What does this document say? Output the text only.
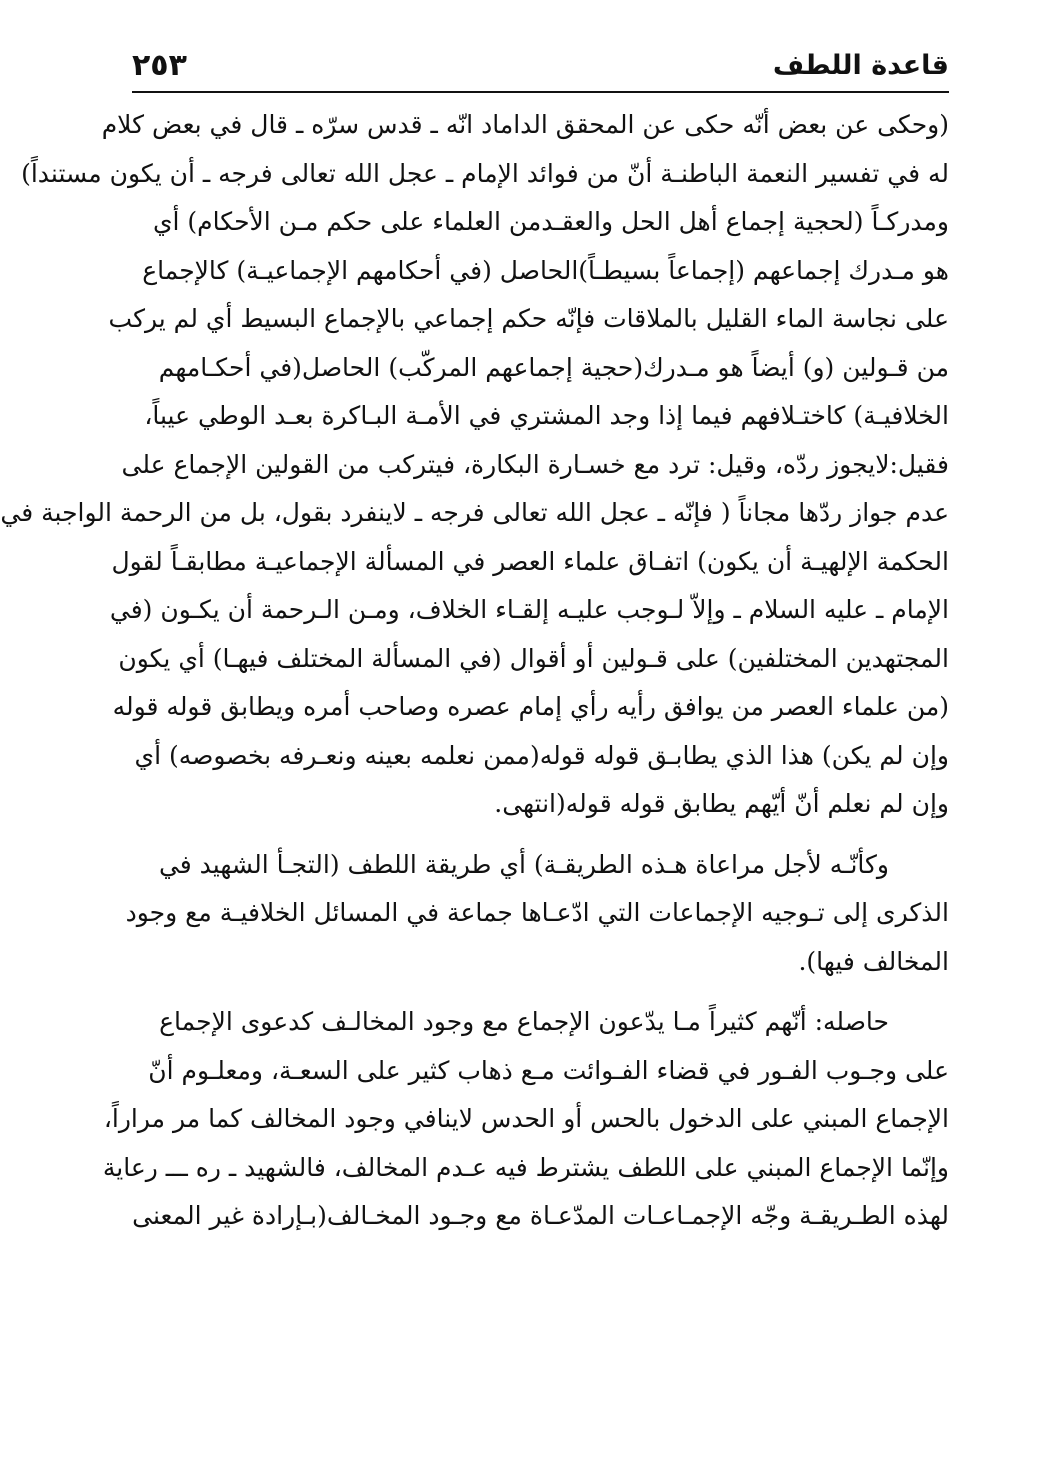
قاعدة اللطف
٢٥٣
(وحكى عن بعض أنّه حكى عن المحقق الداماد انّه ـ قدس سرّه ـ قال في بعض كلام
له في تفسير النعمة الباطنـة أنّ من فوائد الإمام ـ عجل الله تعالى فرجه ـ أن يكون مستنداً)
ومدركـاً (لحجية إجماع أهل الحل والعقـدمن العلماء على حكم مـن الأحكام) أي
هو مـدرك إجماعهم (إجماعاً بسيطـاً)الحاصل (في أحكامهم الإجماعيـة) كالإجماع
على نجاسة الماء القليل بالملاقات فإنّه حكم إجماعي بالإجماع البسيط أي لم يركب
من قـولين (و) أيضاً هو مـدرك(حجية إجماعهم المركّب) الحاصل(في أحكـامهم
الخلافيـة) كاختـلافهم فيما إذا وجد المشتري في الأمـة البـاكرة بعـد الوطي عيباً،
فقيل:لايجوز ردّه، وقيل: ترد مع خسـارة البكارة، فيتركب من القولين الإجماع على
عدم جواز ردّها مجاناً ( فإنّه ـ عجل الله تعالى فرجه ـ لاينفرد بقول، بل من الرحمة الواجبة في
الحكمة الإلهيـة أن يكون) اتفـاق علماء العصر في المسألة الإجماعيـة مطابقـاً لقول
الإمام ـ عليه السلام ـ وإلاّ لـوجب عليـه إلقـاء الخلاف، ومـن الـرحمة أن يكـون (في
المجتهدين المختلفين) على قـولين أو أقوال (في المسألة المختلف فيهـا) أي يكون
(من علماء العصر من يوافق رأيه رأي إمام عصره وصاحب أمره ويطابق قوله قوله
وإن لم يكن) هذا الذي يطابـق قوله قوله(ممن نعلمه بعينه ونعـرفه بخصوصه) أي
وإن لم نعلم أنّ أيّهم يطابق قوله قوله(انتهى.
وكأنّـه لأجل مراعاة هـذه الطريقـة) أي طريقة اللطف (التجـأ الشهيد في
الذكرى إلى تـوجيه الإجماعات التي ادّعـاها جماعة في المسائل الخلافيـة مع وجود
المخالف فيها).
حاصله: أنّهم كثيراً مـا يدّعون الإجماع مع وجود المخالـف كدعوى الإجماع
على وجـوب الفـور في قضاء الفـوائت مـع ذهاب كثير على السعـة، ومعلـوم أنّ
الإجماع المبني على الدخول بالحس أو الحدس لاينافي وجود المخالف كما مر مراراً،
وإنّما الإجماع المبني على اللطف يشترط فيه عـدم المخالف، فالشهيد ـ ره ـــ رعاية
لهذه الطـريقـة وجّه الإجمـاعـات المدّعـاة مع وجـود المخـالف(بـإرادة غير المعنى
